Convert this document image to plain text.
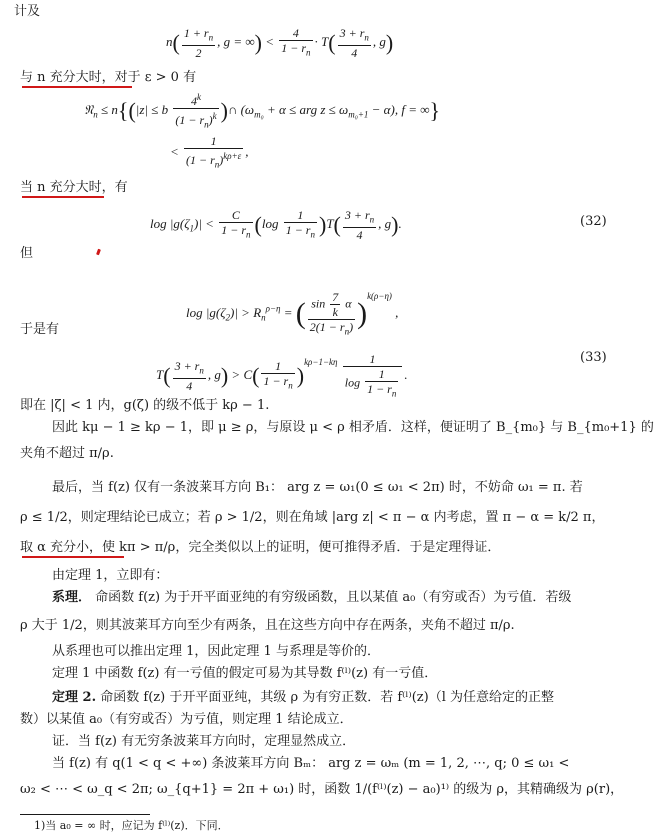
计及
$n( \frac{1 + r_n}{2}$ , g = ∞) < $\frac{4}{1 - r_n} \cdot T( \frac{3 + r_n}{4}$ , g)
与 n 充分大时，对于 ε > 0 有
𝔑$_n$ ≤ n{(|z| ≤ b $\frac{4^k}{(1 - r_n)^k}$ )∩ ($\omega_{m_0} + \alpha$ ≤ arg $z \le \omega_{m_0+1} - \alpha$), f = ∞}
< $\frac{1}{(1 - r_n)^{k\rho+\varepsilon}}$ ,
当 n 充分大时，有
$\log |g(\zeta_1)| < \frac{C}{1 - r_n} (\log \frac{1}{1 - r_n} )T( \frac{3 + r_n}{4}$ , g).	(32)
但
$\log |g(\zeta_2)| > R_n^{\rho-\eta}$ = ( $\frac{\sin \frac{7}{k} \alpha}{2(1 - r_n)} )^{k(\rho-\eta)}$ ,
于是有
$T( \frac{3 + r_n}{4}$ , $g) > C( \frac{1}{1 - r_n} )^{k\rho-1-k\eta} \frac{1}{\log \frac{1}{1 - r_n}}$ .
(33)
即在 |ζ| < 1 内，g(ζ) 的级不低于 kρ − 1.
因此 kμ − 1 ≥ kρ − 1，即 μ ≥ ρ，与原设 μ < ρ 相矛盾．这样，便证明了 B_{m₀} 与 B_{m₀+1} 的
夹角不超过 π/ρ.
最后，当 f(z) 仅有一条波莱耳方向 B₁： arg z = ω₁(0 ≤ ω₁ < 2π) 时，不妨命 ω₁ = π. 若
ρ ≤ 1/2，则定理结论已成立；若 ρ > 1/2，则在角域 |arg z| < π − α 内考虑，置 π − α = k/2 π，
取 α 充分小，使 kπ > π/ρ，完全类似以上的证明，便可推得矛盾．于是定理得证．
由定理 1，立即有：
系理． 命函数 f(z) 为于开平面亚纯的有穷级函数，且以某值 a₀（有穷或否）为亏值．若级
ρ 大于 1/2，则其波莱耳方向至少有两条，且在这些方向中存在两条，夹角不超过 π/ρ.
从系理也可以推出定理 1，因此定理 1 与系理是等价的．
定理 1 中函数 f(z) 有一亏值的假定可易为其导数 f⁽ˡ⁾(z) 有一亏值．
定理 2. 命函数 f(z) 于开平面亚纯，其级 ρ 为有穷正数．若 f⁽ˡ⁾(z)（l 为任意给定的正整
数）以某值 a₀（有穷或否）为亏值，则定理 1 结论成立．
证．当 f(z) 有无穷条波莱耳方向时，定理显然成立．
当 f(z) 有 q(1 < q < +∞) 条波莱耳方向 Bₘ： arg z = ωₘ (m = 1, 2, ⋯, q; 0 ≤ ω₁ <
ω₂ < ⋯ < ω_q < 2π; ω_{q+1} = 2π + ω₁) 时，函数 1/(f⁽ˡ⁾(z) − a₀)¹⁾ 的级为 ρ，其精确级为 ρ(r)，
1)当 a₀ = ∞ 时，应记为 f⁽ˡ⁾(z)．下同．
